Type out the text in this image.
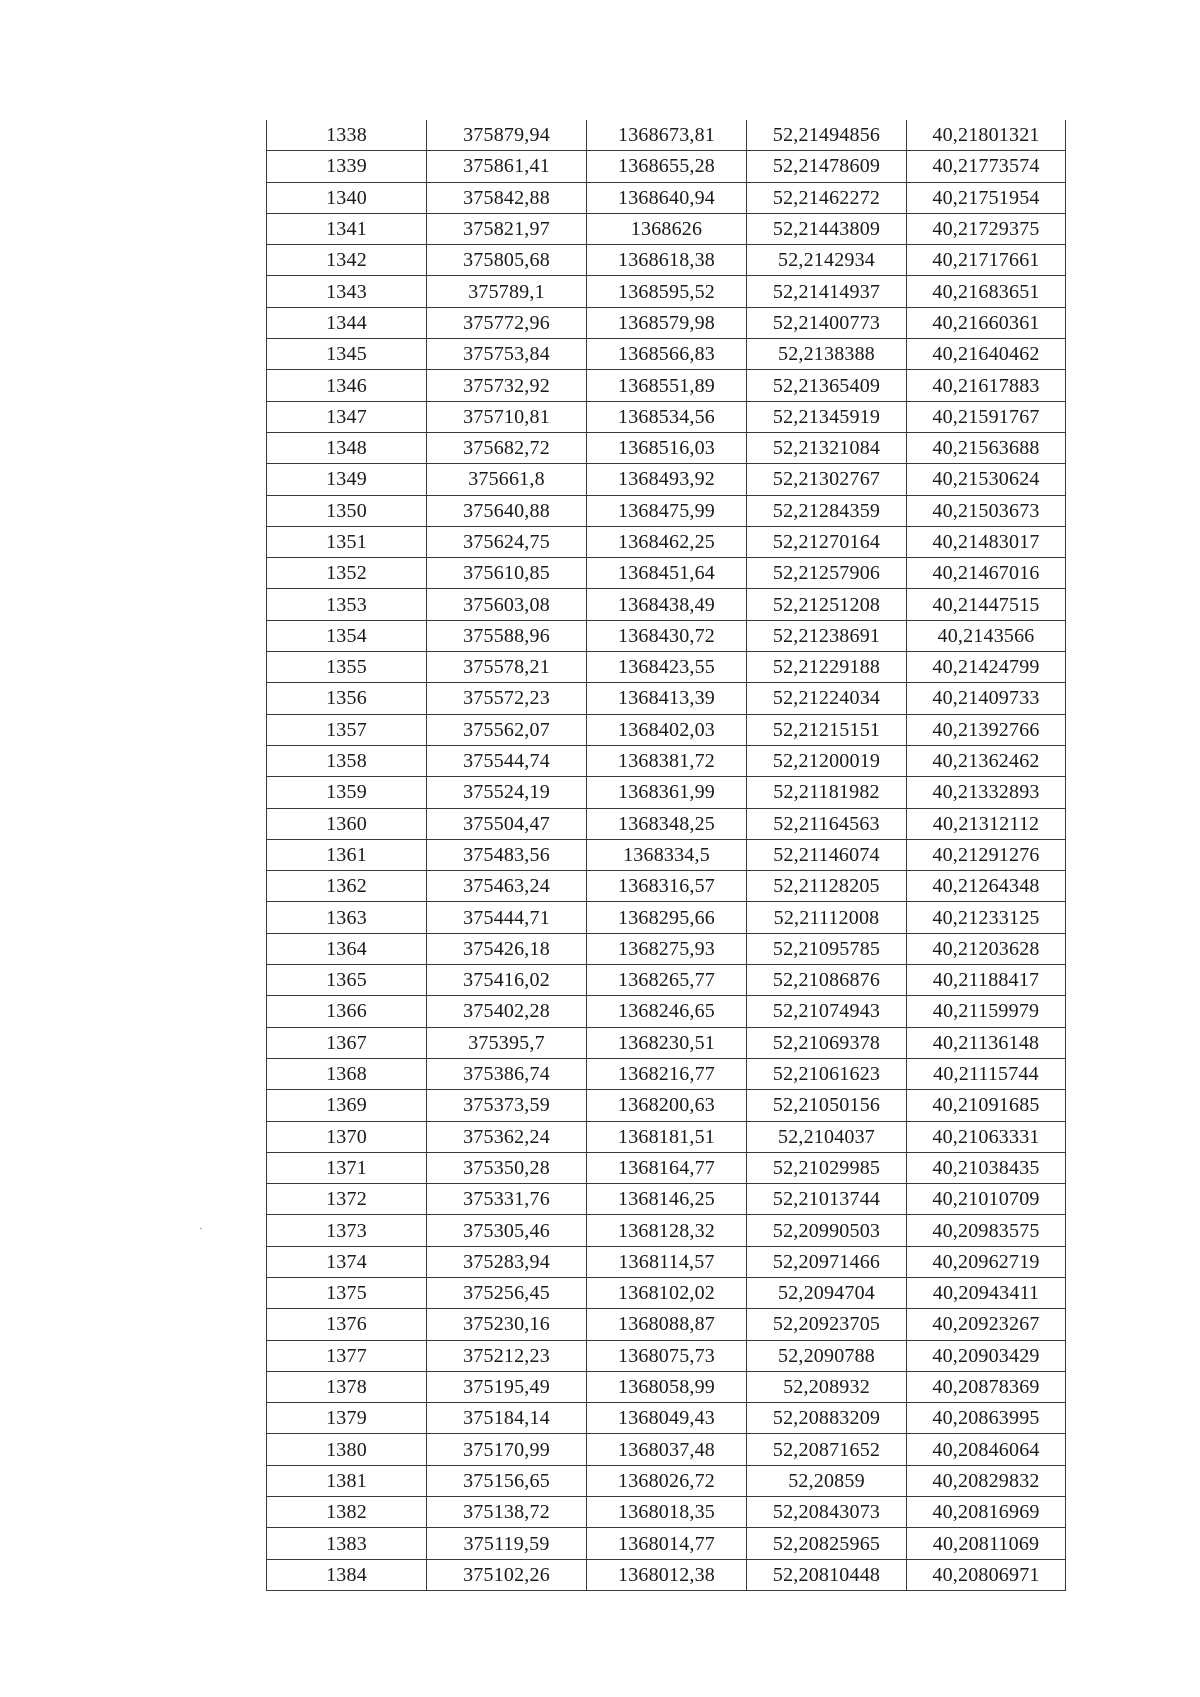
1338	375879,94	1368673,81	52,21494856	40,21801321
1339	375861,41	1368655,28	52,21478609	40,21773574
1340	375842,88	1368640,94	52,21462272	40,21751954
1341	375821,97	1368626	52,21443809	40,21729375
1342	375805,68	1368618,38	52,2142934	40,21717661
1343	375789,1	1368595,52	52,21414937	40,21683651
1344	375772,96	1368579,98	52,21400773	40,21660361
1345	375753,84	1368566,83	52,2138388	40,21640462
1346	375732,92	1368551,89	52,21365409	40,21617883
1347	375710,81	1368534,56	52,21345919	40,21591767
1348	375682,72	1368516,03	52,21321084	40,21563688
1349	375661,8	1368493,92	52,21302767	40,21530624
1350	375640,88	1368475,99	52,21284359	40,21503673
1351	375624,75	1368462,25	52,21270164	40,21483017
1352	375610,85	1368451,64	52,21257906	40,21467016
1353	375603,08	1368438,49	52,21251208	40,21447515
1354	375588,96	1368430,72	52,21238691	40,2143566
1355	375578,21	1368423,55	52,21229188	40,21424799
1356	375572,23	1368413,39	52,21224034	40,21409733
1357	375562,07	1368402,03	52,21215151	40,21392766
1358	375544,74	1368381,72	52,21200019	40,21362462
1359	375524,19	1368361,99	52,21181982	40,21332893
1360	375504,47	1368348,25	52,21164563	40,21312112
1361	375483,56	1368334,5	52,21146074	40,21291276
1362	375463,24	1368316,57	52,21128205	40,21264348
1363	375444,71	1368295,66	52,21112008	40,21233125
1364	375426,18	1368275,93	52,21095785	40,21203628
1365	375416,02	1368265,77	52,21086876	40,21188417
1366	375402,28	1368246,65	52,21074943	40,21159979
1367	375395,7	1368230,51	52,21069378	40,21136148
1368	375386,74	1368216,77	52,21061623	40,21115744
1369	375373,59	1368200,63	52,21050156	40,21091685
1370	375362,24	1368181,51	52,2104037	40,21063331
1371	375350,28	1368164,77	52,21029985	40,21038435
1372	375331,76	1368146,25	52,21013744	40,21010709
1373	375305,46	1368128,32	52,20990503	40,20983575
1374	375283,94	1368114,57	52,20971466	40,20962719
1375	375256,45	1368102,02	52,2094704	40,20943411
1376	375230,16	1368088,87	52,20923705	40,20923267
1377	375212,23	1368075,73	52,2090788	40,20903429
1378	375195,49	1368058,99	52,208932	40,20878369
1379	375184,14	1368049,43	52,20883209	40,20863995
1380	375170,99	1368037,48	52,20871652	40,20846064
1381	375156,65	1368026,72	52,20859	40,20829832
1382	375138,72	1368018,35	52,20843073	40,20816969
1383	375119,59	1368014,77	52,20825965	40,20811069
1384	375102,26	1368012,38	52,20810448	40,20806971
